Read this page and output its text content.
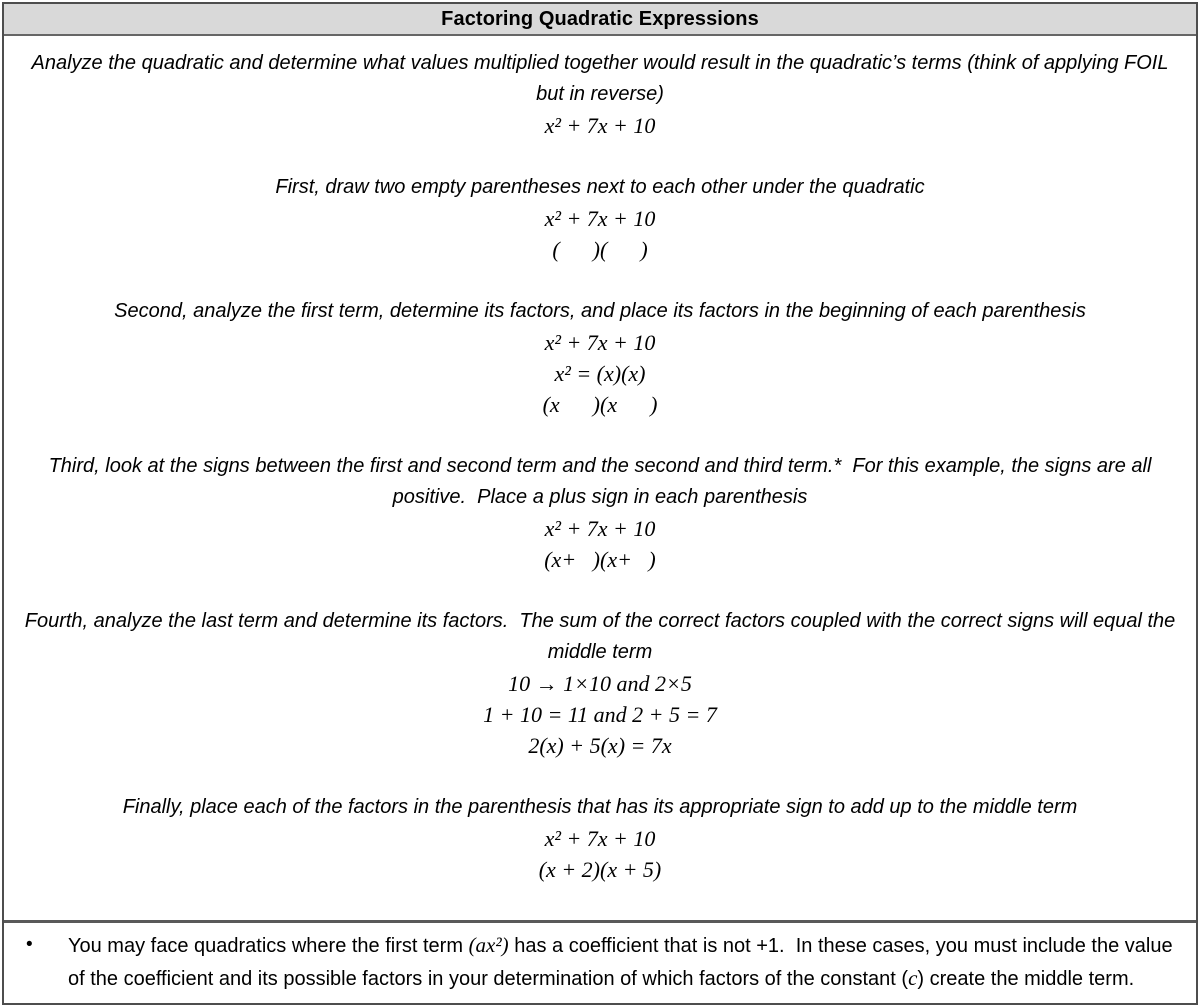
Factoring Quadratic Expressions
Analyze the quadratic and determine what values multiplied together would result in the quadratic’s terms (think of applying FOIL but in reverse)
x² + 7x + 10
First, draw two empty parentheses next to each other under the quadratic
x² + 7x + 10
(      )(      )
Second, analyze the first term, determine its factors, and place its factors in the beginning of each parenthesis
x² + 7x + 10
x² = (x)(x)
(x      )(x      )
Third, look at the signs between the first and second term and the second and third term.*  For this example, the signs are all positive.  Place a plus sign in each parenthesis
x² + 7x + 10
(x+   )(x+   )
Fourth, analyze the last term and determine its factors.  The sum of the correct factors coupled with the correct signs will equal the middle term
10 → 1×10 and 2×5
1 + 10 = 11 and 2 + 5 = 7
2(x) + 5(x) = 7x
Finally, place each of the factors in the parenthesis that has its appropriate sign to add up to the middle term
x² + 7x + 10
(x + 2)(x + 5)
•	You may face quadratics where the first term (ax²) has a coefficient that is not +1.  In these cases, you must include the value of the coefficient and its possible factors in your determination of which factors of the constant (c) create the middle term.
